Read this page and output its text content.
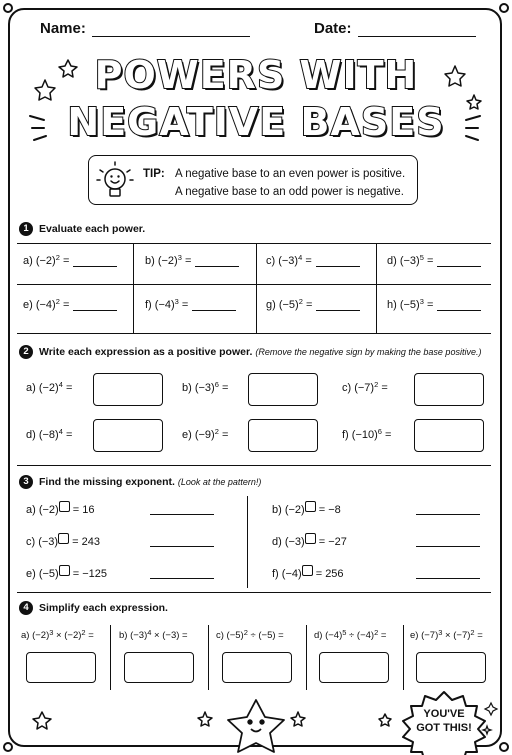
Name:	Date:
POWERS WITH
NEGATIVE BASES
YOU'VE
GOT THIS!
TIP: A negative base to an even power is positive.
A negative base to an odd power is negative.
1 Evaluate each power.
a) $(-2)^2$ =	b) $(-2)^3$ =	c) $(-3)^4$ =	d) $(-3)^5$ =
e) $(-4)^2$ =	f) $(-4)^3$ =	g) $(-5)^2$ =	h) $(-5)^3$ =
2 Write each expression as a positive power. (Remove the negative sign by making the base positive.)
a) $(-2)^4$ =	b) $(-3)^6$ =	c) $(-7)^2$ =
d) $(-8)^4$ =	e) $(-9)^2$ =	f) $(-10)^6$ =
3 Find the missing exponent. (Look at the pattern!)
a) (−2) = 16	b) (−2) = −8
c) (−3) = 243	d) (−3) = −27
e) (−5) = −125	f) (−4) = 256
4 Simplify each expression.
a) $(-2)^3 \times (-2)^2$ =	b) $(-3)^4 \times (-3)$ =	c) $(-5)^2 \div (-5)$ =	d) $(-4)^5 \div (-4)^2 = e$) $(-7)^3 \times (-7)^2$ =
